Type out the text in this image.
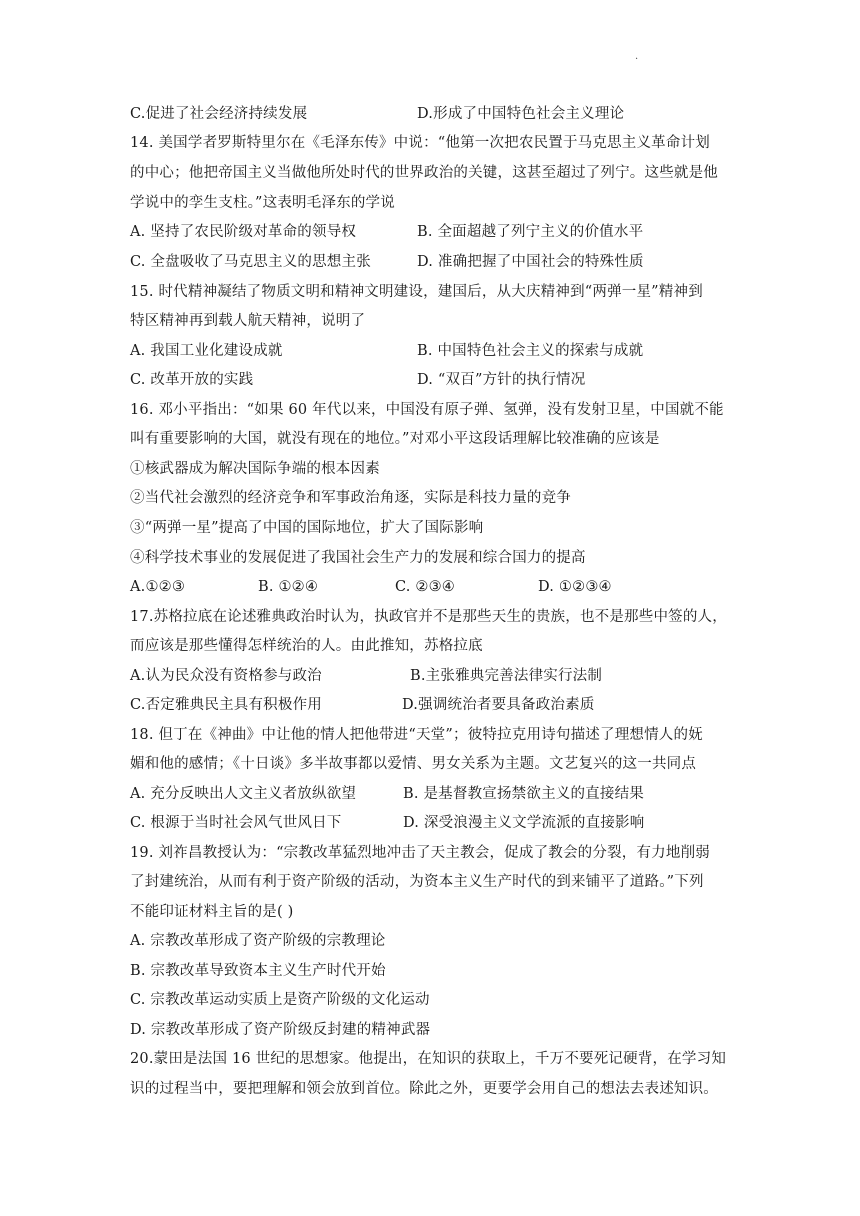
·
C.促进了社会经济持续发展	D.形成了中国特色社会主义理论
14. 美国学者罗斯特里尔在《毛泽东传》中说：“他第一次把农民置于马克思主义革命计划
的中心；他把帝国主义当做他所处时代的世界政治的关键，这甚至超过了列宁。这些就是他
学说中的孪生支柱。”这表明毛泽东的学说
A. 坚持了农民阶级对革命的领导权	B. 全面超越了列宁主义的价值水平
C. 全盘吸收了马克思主义的思想主张	D. 准确把握了中国社会的特殊性质
15. 时代精神凝结了物质文明和精神文明建设，建国后，从大庆精神到“两弹一星”精神到
特区精神再到载人航天精神，说明了
A. 我国工业化建设成就	B. 中国特色社会主义的探索与成就
C. 改革开放的实践	D. “双百”方针的执行情况
16. 邓小平指出：“如果 60 年代以来，中国没有原子弹、氢弹，没有发射卫星，中国就不能
叫有重要影响的大国，就没有现在的地位。”对邓小平这段话理解比较准确的应该是
①核武器成为解决国际争端的根本因素
②当代社会激烈的经济竞争和军事政治角逐，实际是科技力量的竞争
③“两弹一星”提高了中国的国际地位，扩大了国际影响
④科学技术事业的发展促进了我国社会生产力的发展和综合国力的提高
A.①②③	B. ①②④	C. ②③④	D. ①②③④
17.苏格拉底在论述雅典政治时认为，执政官并不是那些天生的贵族，也不是那些中签的人，
而应该是那些懂得怎样统治的人。由此推知，苏格拉底
A.认为民众没有资格参与政治	B.主张雅典完善法律实行法制
C.否定雅典民主具有积极作用	D.强调统治者要具备政治素质
18. 但丁在《神曲》中让他的情人把他带进“天堂”；彼特拉克用诗句描述了理想情人的妩
媚和他的感情；《十日谈》多半故事都以爱情、男女关系为主题。文艺复兴的这一共同点
A. 充分反映出人文主义者放纵欲望	B. 是基督教宣扬禁欲主义的直接结果
C. 根源于当时社会风气世风日下	D. 深受浪漫主义文学流派的直接影响
19. 刘祚昌教授认为：“宗教改革猛烈地冲击了天主教会，促成了教会的分裂，有力地削弱
了封建统治，从而有利于资产阶级的活动，为资本主义生产时代的到来铺平了道路。”下列
不能印证材料主旨的是( )
A. 宗教改革形成了资产阶级的宗教理论
B. 宗教改革导致资本主义生产时代开始
C. 宗教改革运动实质上是资产阶级的文化运动
D. 宗教改革形成了资产阶级反封建的精神武器
20.蒙田是法国 16 世纪的思想家。他提出，在知识的获取上，千万不要死记硬背，在学习知
识的过程当中，要把理解和领会放到首位。除此之外，更要学会用自己的想法去表述知识。
